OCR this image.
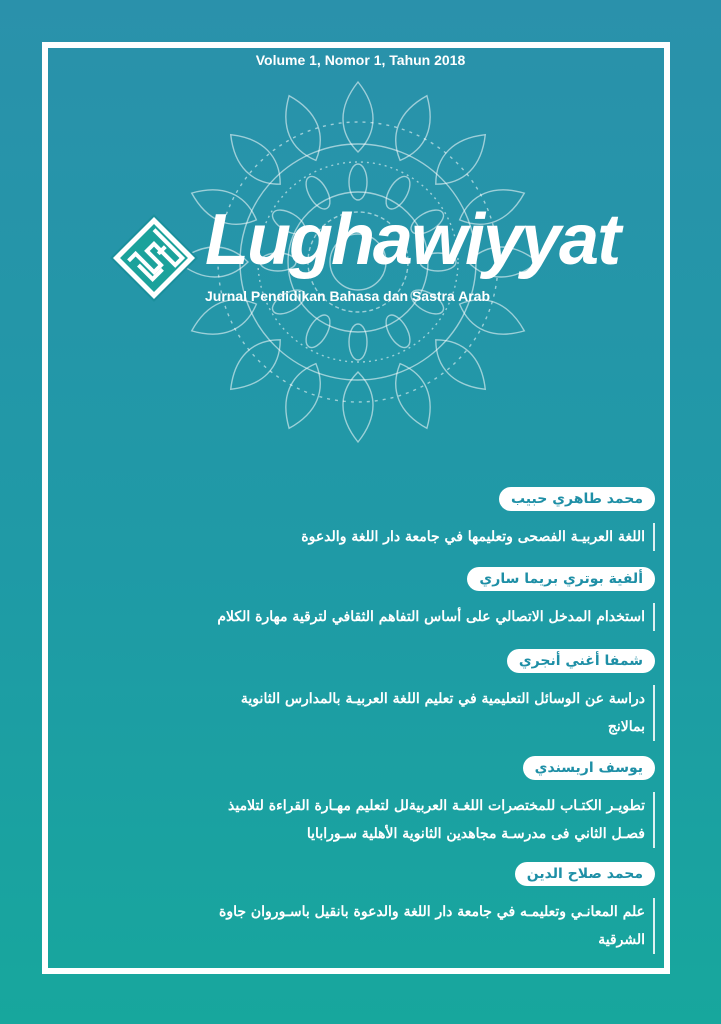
Volume 1, Nomor 1, Tahun 2018
Lughawiyyat
Jurnal Pendidikan Bahasa dan Sastra Arab
محمد طاهري حبيب
اللغة العربيـة الفصحى وتعليمها في جامعة دار اللغة والدعوة
ألفية بوتري بريما ساري
استخدام المدخل الاتصالي على أساس التفاهم الثقافي لترقية مهارة الكلام
شمفا أغني أنجري
دراسة عن الوسائل التعليمية في تعليم اللغة العربيـة بالمدارس الثانوية بمالانج
يوسف اريسندي
تطويـر الكتـاب للمختصرات اللغـة العربيةلل لتعليم مهـارة القراءة لتلاميذ فصـل الثاني فى مدرسـة مجاهدين الثانوية الأهلية سـورابايا
محمد صلاح الدين
علم المعانـي وتعليمـه في جامعة دار اللغة والدعوة بانقيل باسـوروان جاوة الشرقية
